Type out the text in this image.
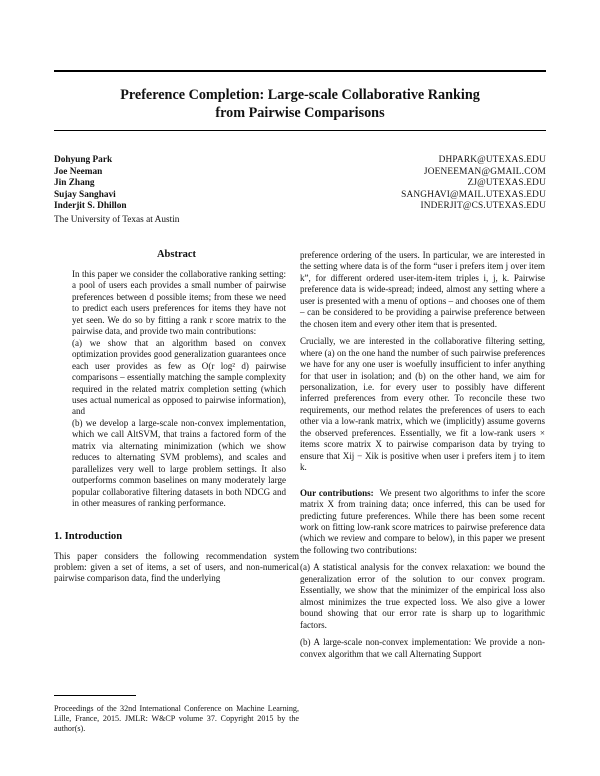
Preference Completion: Large-scale Collaborative Ranking
from Pairwise Comparisons
Dohyung Park	DHPARK@UTEXAS.EDU
Joe Neeman	JOENEEMAN@GMAIL.COM
Jin Zhang	ZJ@UTEXAS.EDU
Sujay Sanghavi	SANGHAVI@MAIL.UTEXAS.EDU
Inderjit S. Dhillon	INDERJIT@CS.UTEXAS.EDU
The University of Texas at Austin
Abstract

In this paper we consider the collaborative ranking setting: a pool of users each provides a small number of pairwise preferences between d possible items; from these we need to predict each users preferences for items they have not yet seen. We do so by fitting a rank r score matrix to the pairwise data, and provide two main contributions:

(a) we show that an algorithm based on convex optimization provides good generalization guarantees once each user provides as few as O(r log² d) pairwise comparisons – essentially matching the sample complexity required in the related matrix completion setting (which uses actual numerical as opposed to pairwise information), and

(b) we develop a large-scale non-convex implementation, which we call AltSVM, that trains a factored form of the matrix via alternating minimization (which we show reduces to alternating SVM problems), and scales and parallelizes very well to large problem settings. It also outperforms common baselines on many moderately large popular collaborative filtering datasets in both NDCG and in other measures of ranking performance.

1. Introduction

This paper considers the following recommendation system problem: given a set of items, a set of users, and non-numerical pairwise comparison data, find the underlying

Proceedings of the 32nd International Conference on Machine Learning, Lille, France, 2015. JMLR: W&CP volume 37. Copyright 2015 by the author(s).

preference ordering of the users. In particular, we are interested in the setting where data is of the form “user i prefers item j over item k”, for different ordered user-item-item triples i, j, k. Pairwise preference data is wide-spread; indeed, almost any setting where a user is presented with a menu of options – and chooses one of them – can be considered to be providing a pairwise preference between the chosen item and every other item that is presented.

Crucially, we are interested in the collaborative filtering setting, where (a) on the one hand the number of such pairwise preferences we have for any one user is woefully insufficient to infer anything for that user in isolation; and (b) on the other hand, we aim for personalization, i.e. for every user to possibly have different inferred preferences from every other. To reconcile these two requirements, our method relates the preferences of users to each other via a low-rank matrix, which we (implicitly) assume governs the observed preferences. Essentially, we fit a low-rank users × items score matrix X to pairwise comparison data by trying to ensure that Xij − Xik is positive when user i prefers item j to item k.

Our contributions: We present two algorithms to infer the score matrix X from training data; once inferred, this can be used for predicting future preferences. While there has been some recent work on fitting low-rank score matrices to pairwise preference data (which we review and compare to below), in this paper we present the following two contributions:

(a) A statistical analysis for the convex relaxation: we bound the generalization error of the solution to our convex program. Essentially, we show that the minimizer of the empirical loss also almost minimizes the true expected loss. We also give a lower bound showing that our error rate is sharp up to logarithmic factors.

(b) A large-scale non-convex implementation: We provide a non-convex algorithm that we call Alternating Support
